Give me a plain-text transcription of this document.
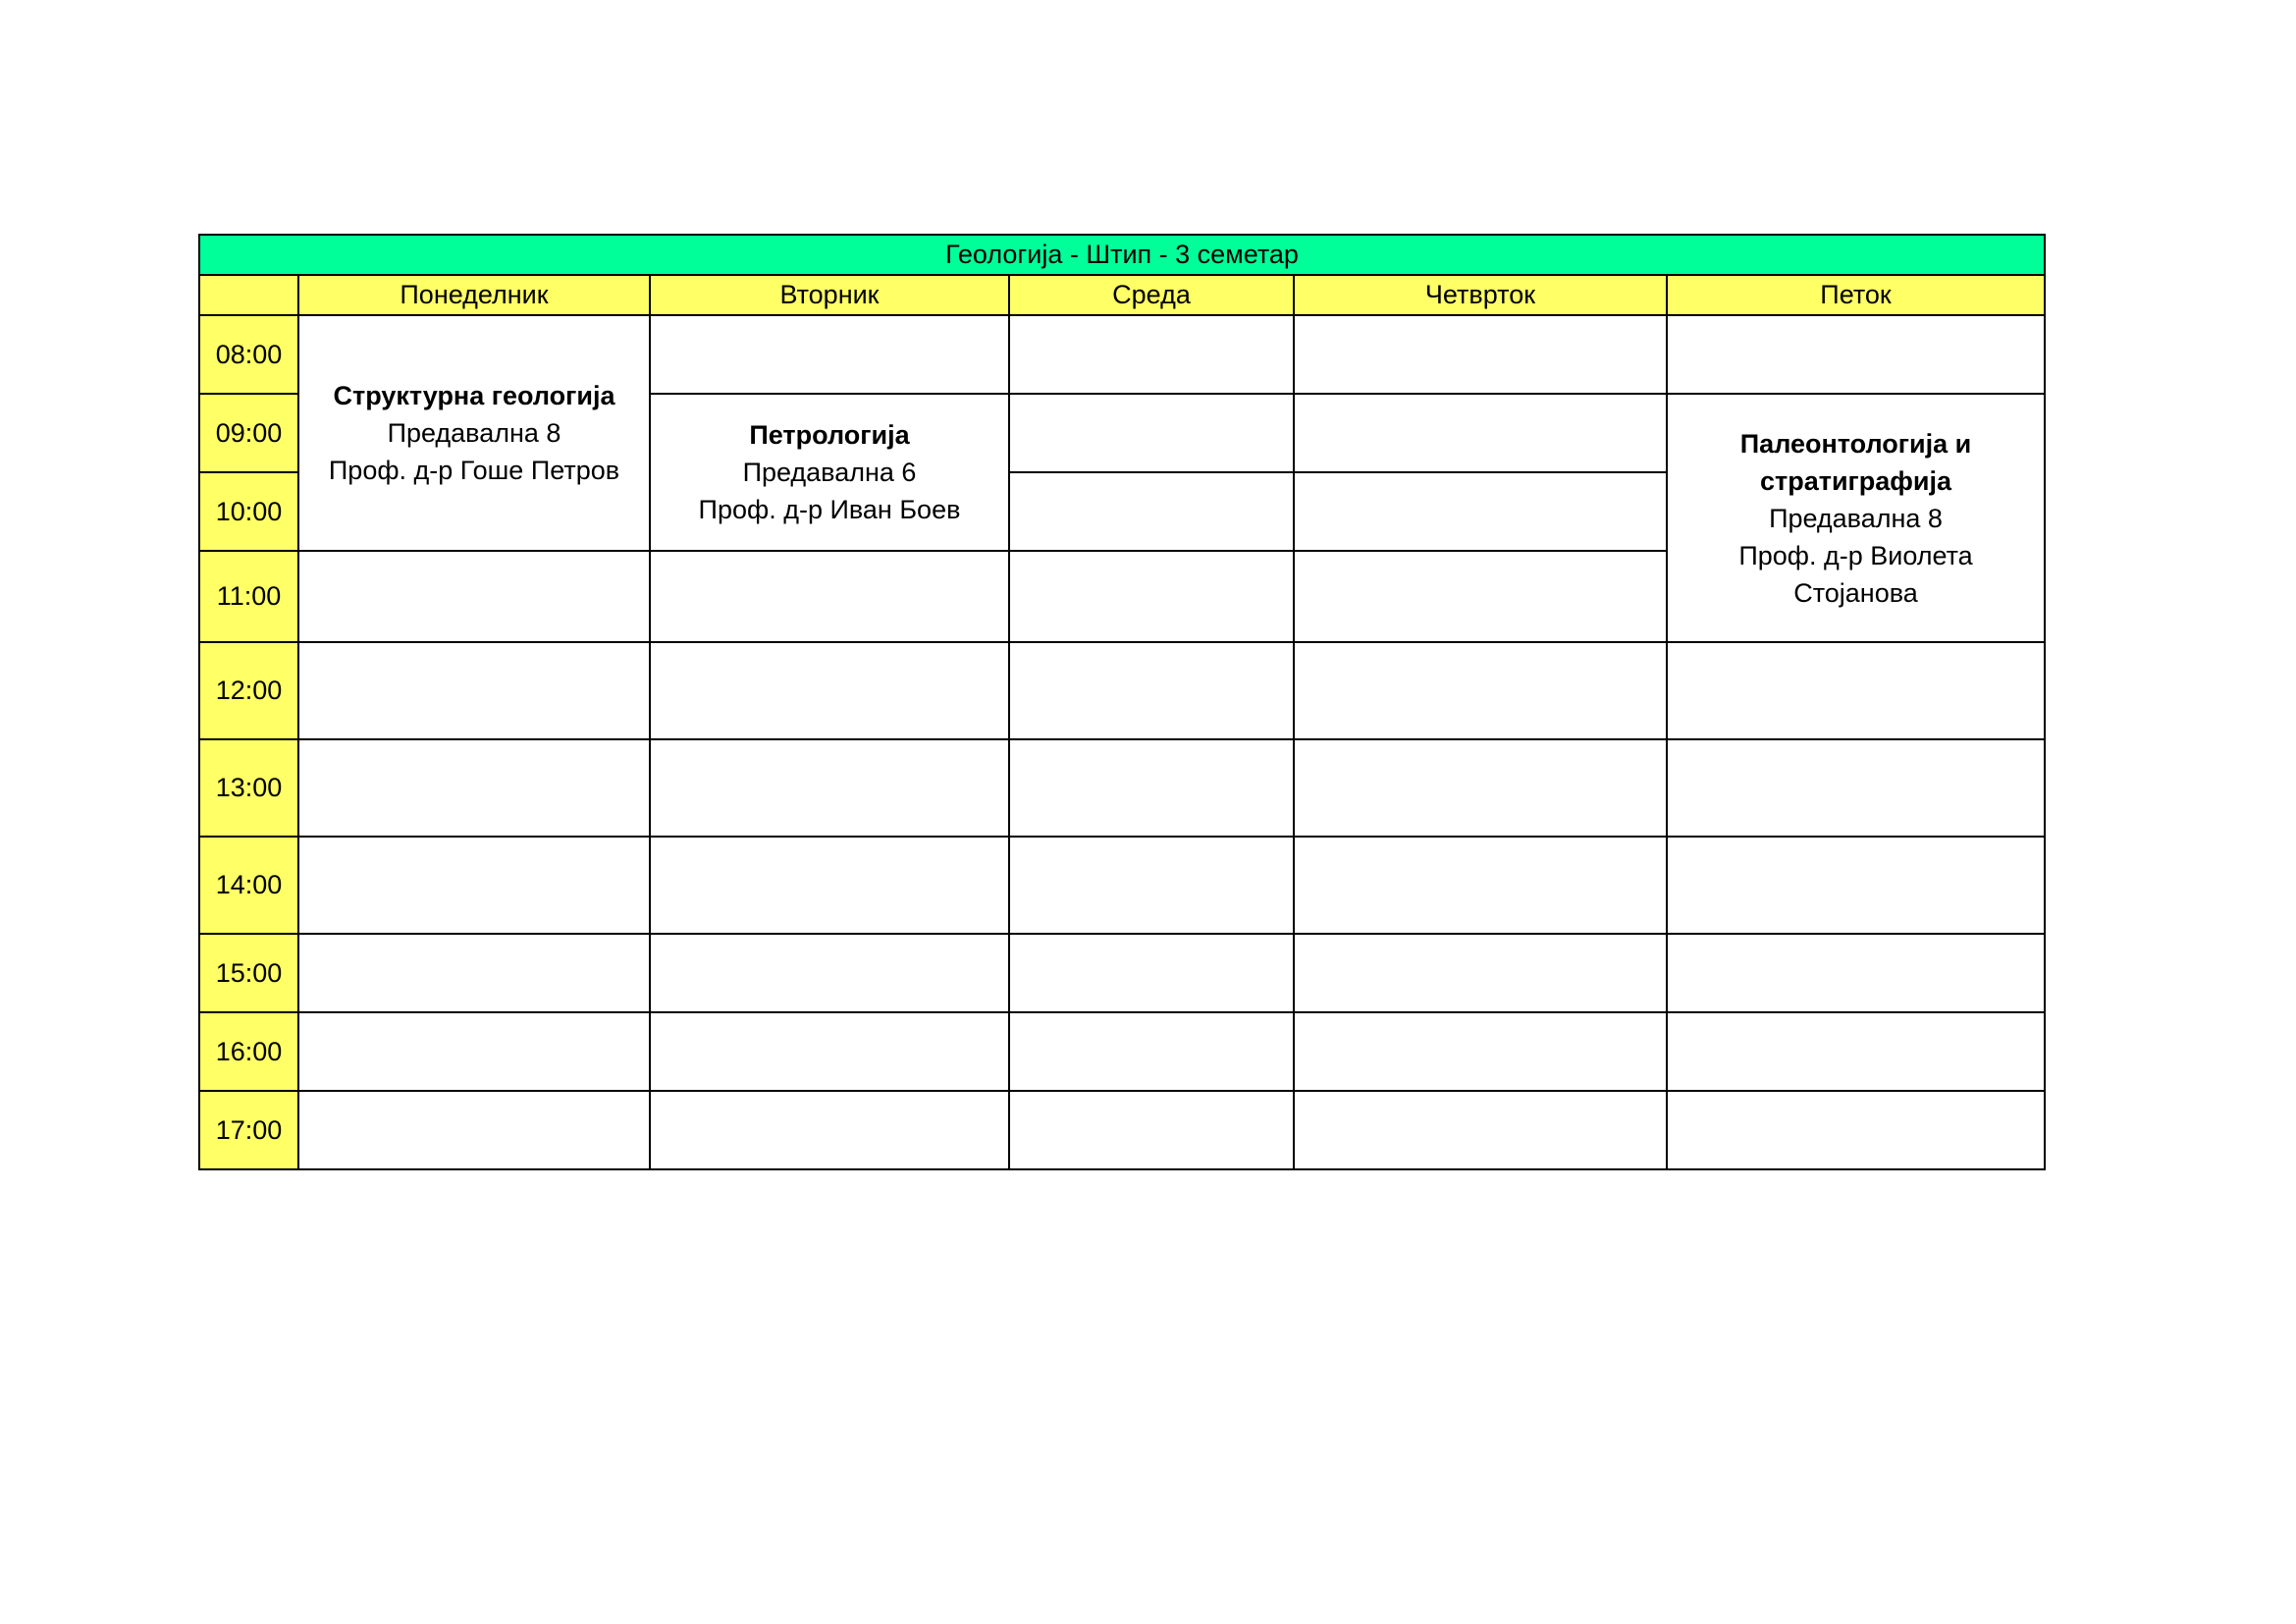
Геологија - Штип - 3 семетар					
	Понеделник	Вторник	Среда	Четврток	Петок
08:00	Структурна геологија
Предавална 8
Проф. д-р Гоше Петров				

09:00		Петрологија
Предавална 6
Проф. д-р Иван Боев			Палеонтологија и
стратиграфија
Предавална 8
Проф. д-р Виолета
Стојанова

10:00					
11:00					
12:00					
13:00					
14:00					
15:00					
16:00					
17:00					
